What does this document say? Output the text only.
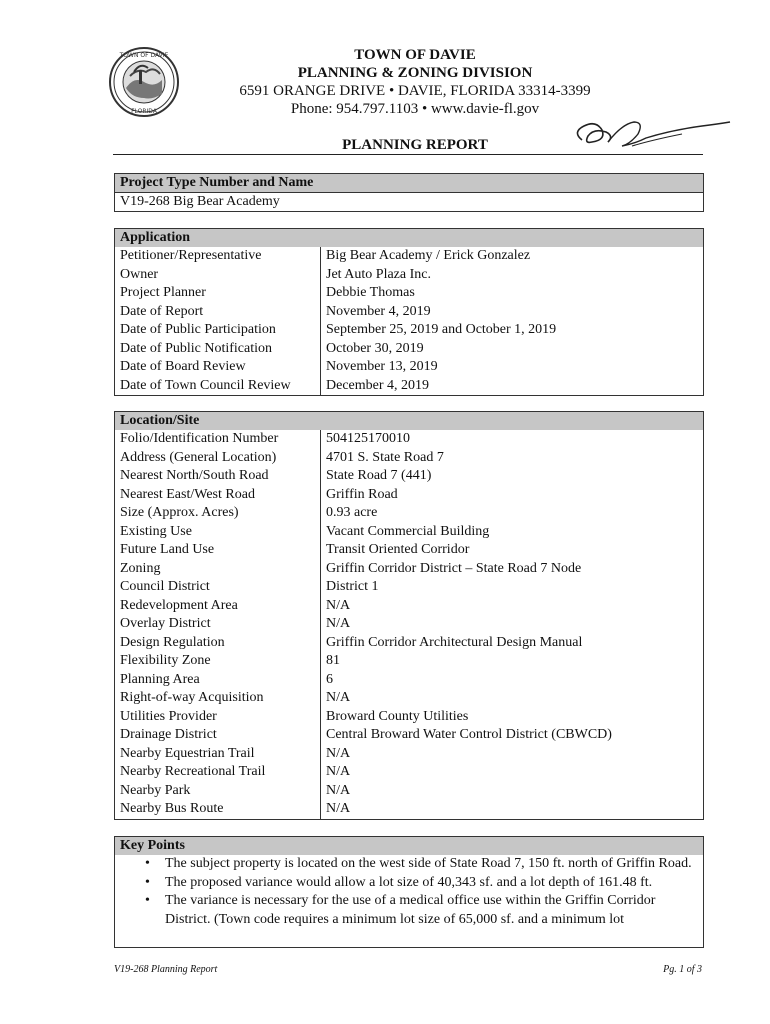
TOWN OF DAVIE
FLORIDA
TOWN OF DAVIE
PLANNING & ZONING DIVISION
6591 ORANGE DRIVE • DAVIE, FLORIDA 33314-3399
Phone: 954.797.1103 • www.davie-fl.gov
PLANNING REPORT
Project Type Number and Name
V19-268 Big Bear Academy
Application
Petitioner/Representative	Big Bear Academy / Erick Gonzalez
Owner	Jet Auto Plaza Inc.
Project Planner	Debbie Thomas
Date of Report	November 4, 2019
Date of Public Participation	September 25, 2019 and October 1, 2019
Date of Public Notification	October 30, 2019
Date of Board Review	November 13, 2019
Date of Town Council Review	December 4, 2019
Location/Site
Folio/Identification Number	504125170010
Address (General Location)	4701 S. State Road 7
Nearest North/South Road	State Road 7 (441)
Nearest East/West Road	Griffin Road
Size (Approx. Acres)	0.93 acre
Existing Use	Vacant Commercial Building
Future Land Use	Transit Oriented Corridor
Zoning	Griffin Corridor District – State Road 7 Node
Council District	District 1
Redevelopment Area	N/A
Overlay District	N/A
Design Regulation	Griffin Corridor Architectural Design Manual
Flexibility Zone	81
Planning Area	6
Right-of-way Acquisition	N/A
Utilities Provider	Broward County Utilities
Drainage District	Central Broward Water Control District (CBWCD)
Nearby Equestrian Trail	N/A
Nearby Recreational Trail	N/A
Nearby Park	N/A
Nearby Bus Route	N/A
Key Points
• The subject property is located on the west side of State Road 7, 150 ft. north of Griffin Road.
• The proposed variance would allow a lot size of 40,343 sf. and a lot depth of 161.48 ft.
• The variance is necessary for the use of a medical office use within the Griffin Corridor District. (Town code requires a minimum lot size of 65,000 sf. and a minimum lot
V19-268 Planning Report	Pg. 1 of 3
